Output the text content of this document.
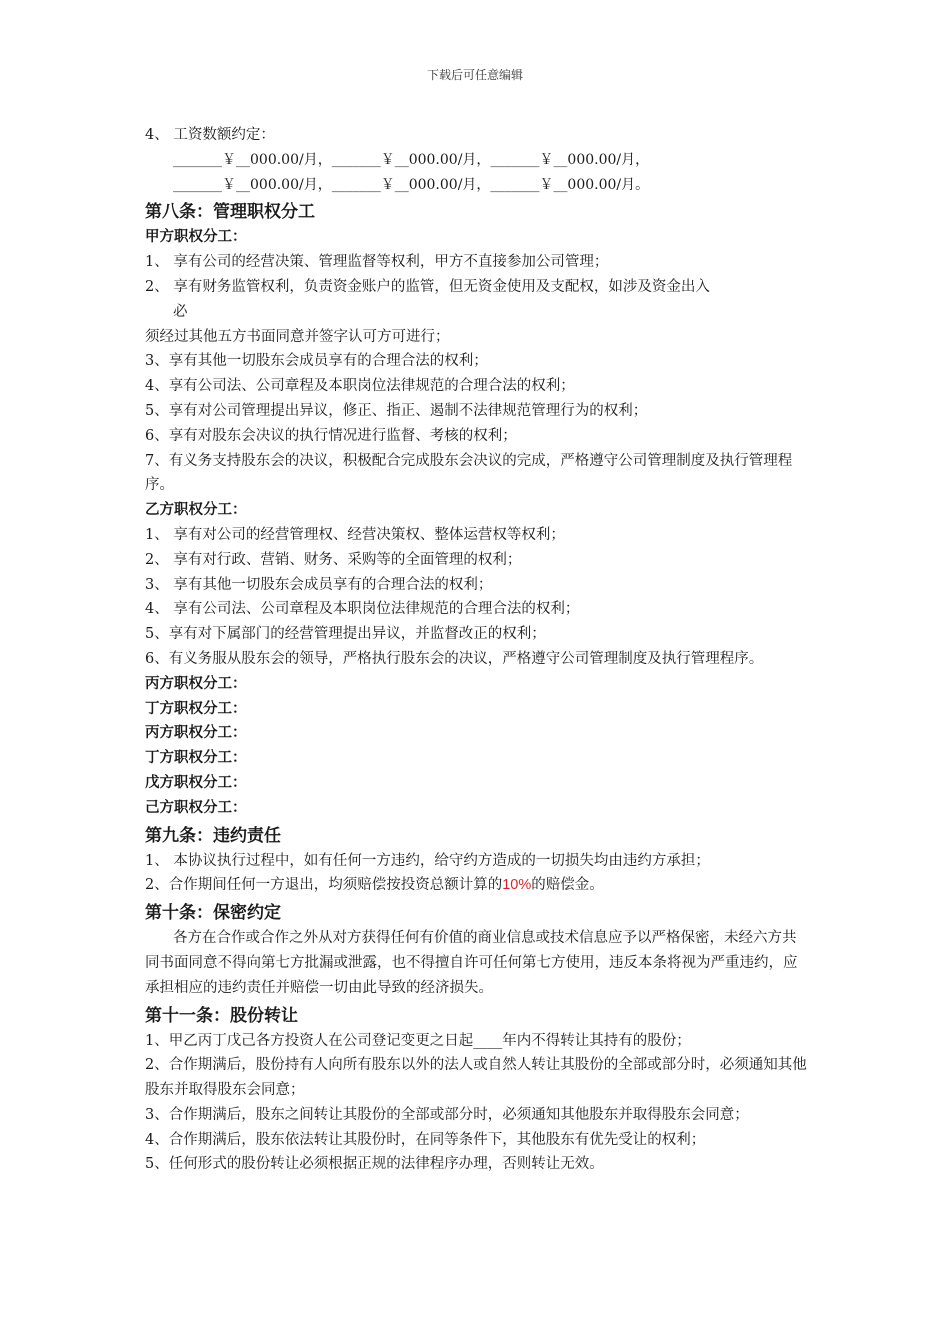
下载后可任意编辑
4、 工资数额约定：
_______￥__000.00/月，_______￥__000.00/月，_______￥__000.00/月，
_______￥__000.00/月，_______￥__000.00/月，_______￥__000.00/月。
第八条：管理职权分工
甲方职权分工：
1、 享有公司的经营决策、管理监督等权利，甲方不直接参加公司管理；
2、 享有财务监管权利，负责资金账户的监管，但无资金使用及支配权，如涉及资金出入
必
须经过其他五方书面同意并签字认可方可进行；
3、享有其他一切股东会成员享有的合理合法的权利；
4、享有公司法、公司章程及本职岗位法律规范的合理合法的权利；
5、享有对公司管理提出异议，修正、指正、遏制不法律规范管理行为的权利；
6、享有对股东会决议的执行情况进行监督、考核的权利；
7、有义务支持股东会的决议，积极配合完成股东会决议的完成，严格遵守公司管理制度及执行管理程序。
乙方职权分工：
1、 享有对公司的经营管理权、经营决策权、整体运营权等权利；
2、 享有对行政、营销、财务、采购等的全面管理的权利；
3、 享有其他一切股东会成员享有的合理合法的权利；
4、 享有公司法、公司章程及本职岗位法律规范的合理合法的权利；
5、享有对下属部门的经营管理提出异议，并监督改正的权利；
6、有义务服从股东会的领导，严格执行股东会的决议，严格遵守公司管理制度及执行管理程序。
丙方职权分工：
丁方职权分工：
丙方职权分工：
丁方职权分工：
戊方职权分工：
己方职权分工：
第九条：违约责任
1、 本协议执行过程中，如有任何一方违约，给守约方造成的一切损失均由违约方承担；
2、合作期间任何一方退出，均须赔偿按投资总额计算的10%的赔偿金。
第十条：保密约定
各方在合作或合作之外从对方获得任何有价值的商业信息或技术信息应予以严格保密，未经六方共同书面同意不得向第七方批漏或泄露，也不得擅自许可任何第七方使用，违反本条将视为严重违约，应承担相应的违约责任并赔偿一切由此导致的经济损失。
第十一条：股份转让
1、甲乙丙丁戊己各方投资人在公司登记变更之日起____年内不得转让其持有的股份；
2、合作期满后，股份持有人向所有股东以外的法人或自然人转让其股份的全部或部分时，必须通知其他股东并取得股东会同意；
3、合作期满后，股东之间转让其股份的全部或部分时，必须通知其他股东并取得股东会同意；
4、合作期满后，股东依法转让其股份时，在同等条件下，其他股东有优先受让的权利；
5、任何形式的股份转让必须根据正规的法律程序办理，否则转让无效。
